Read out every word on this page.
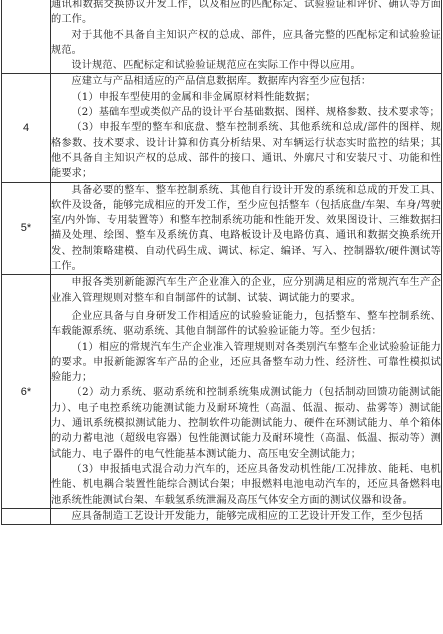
	通讯和数据交换协议开发工作，以及相应的匹配标定、试验验证和评价、确认等方面的工作。

对于其他不具备自主知识产权的总成、部件，应具备完整的匹配标定和试验验证规范。

设计规范、匹配标定和试验验证规范应在实际工作中得以应用。

4	应建立与产品相适应的产品信息数据库。数据库内容至少应包括：

（1）申报车型使用的金属和非金属原材料性能数据；

（2）基础车型或类似产品的设计平台基础数据、图样、规格参数、技术要求等；

（3）申报车型的整车和底盘、整车控制系统、其他系统和总成/部件的图样、规格参数、技术要求、设计计算和仿真分析结果、对车辆运行状态实时监控的结果；其他不具备自主知识产权的总成、部件的接口、通讯、外廓尺寸和安装尺寸、功能和性能要求；

5*	具备必要的整车、整车控制系统、其他自行设计开发的系统和总成的开发工具、软件及设备，能够完成相应的开发工作，至少应包括整车（包括底盘/车架、车身/驾驶室/内外饰、专用装置等）和整车控制系统功能和性能开发、效果图设计、三维数据扫描及处理、绘图、整车及系统仿真、电路板设计及电路仿真、通讯和数据交换系统开发、控制策略建模、自动代码生成、调试、标定、编译、写入、控制器软/硬件测试等工作。

6*	申报各类别新能源汽车生产企业准入的企业，应分别满足相应的常规汽车生产企业准入管理规则对整车和自制部件的试制、试装、调试能力的要求。

企业应具备与自身研发工作相适应的试验验证能力，包括整车、整车控制系统、车载能源系统、驱动系统、其他自制部件的试验验证能力等。至少包括：

（1）相应的常规汽车生产企业准入管理规则对各类别汽车整车企业试验验证能力的要求。申报新能源客车产品的企业，还应具备整车动力性、经济性、可靠性模拟试验能力；

（2）动力系统、驱动系统和控制系统集成测试能力（包括制动回馈功能测试能力）、电子电控系统功能测试能力及耐环境性（高温、低温、振动、盐雾等）测试能力、通讯系统模拟测试能力、控制软件功能测试能力、硬件在环测试能力、单个箱体的动力蓄电池（超级电容器）包性能测试能力及耐环境性（高温、低温、振动等）测试能力、电子器件的电气性能基本测试能力、高压电安全测试能力；

（3）申报插电式混合动力汽车的，还应具备发动机性能/工况排放、能耗、电机性能、机电耦合装置性能综合测试台架；申报燃料电池电动汽车的，还应具备燃料电池系统性能测试台架、车载氢系统泄漏及高压气体安全方面的测试仪器和设备。

	应具备制造工艺设计开发能力，能够完成相应的工艺设计开发工作，至少包括
